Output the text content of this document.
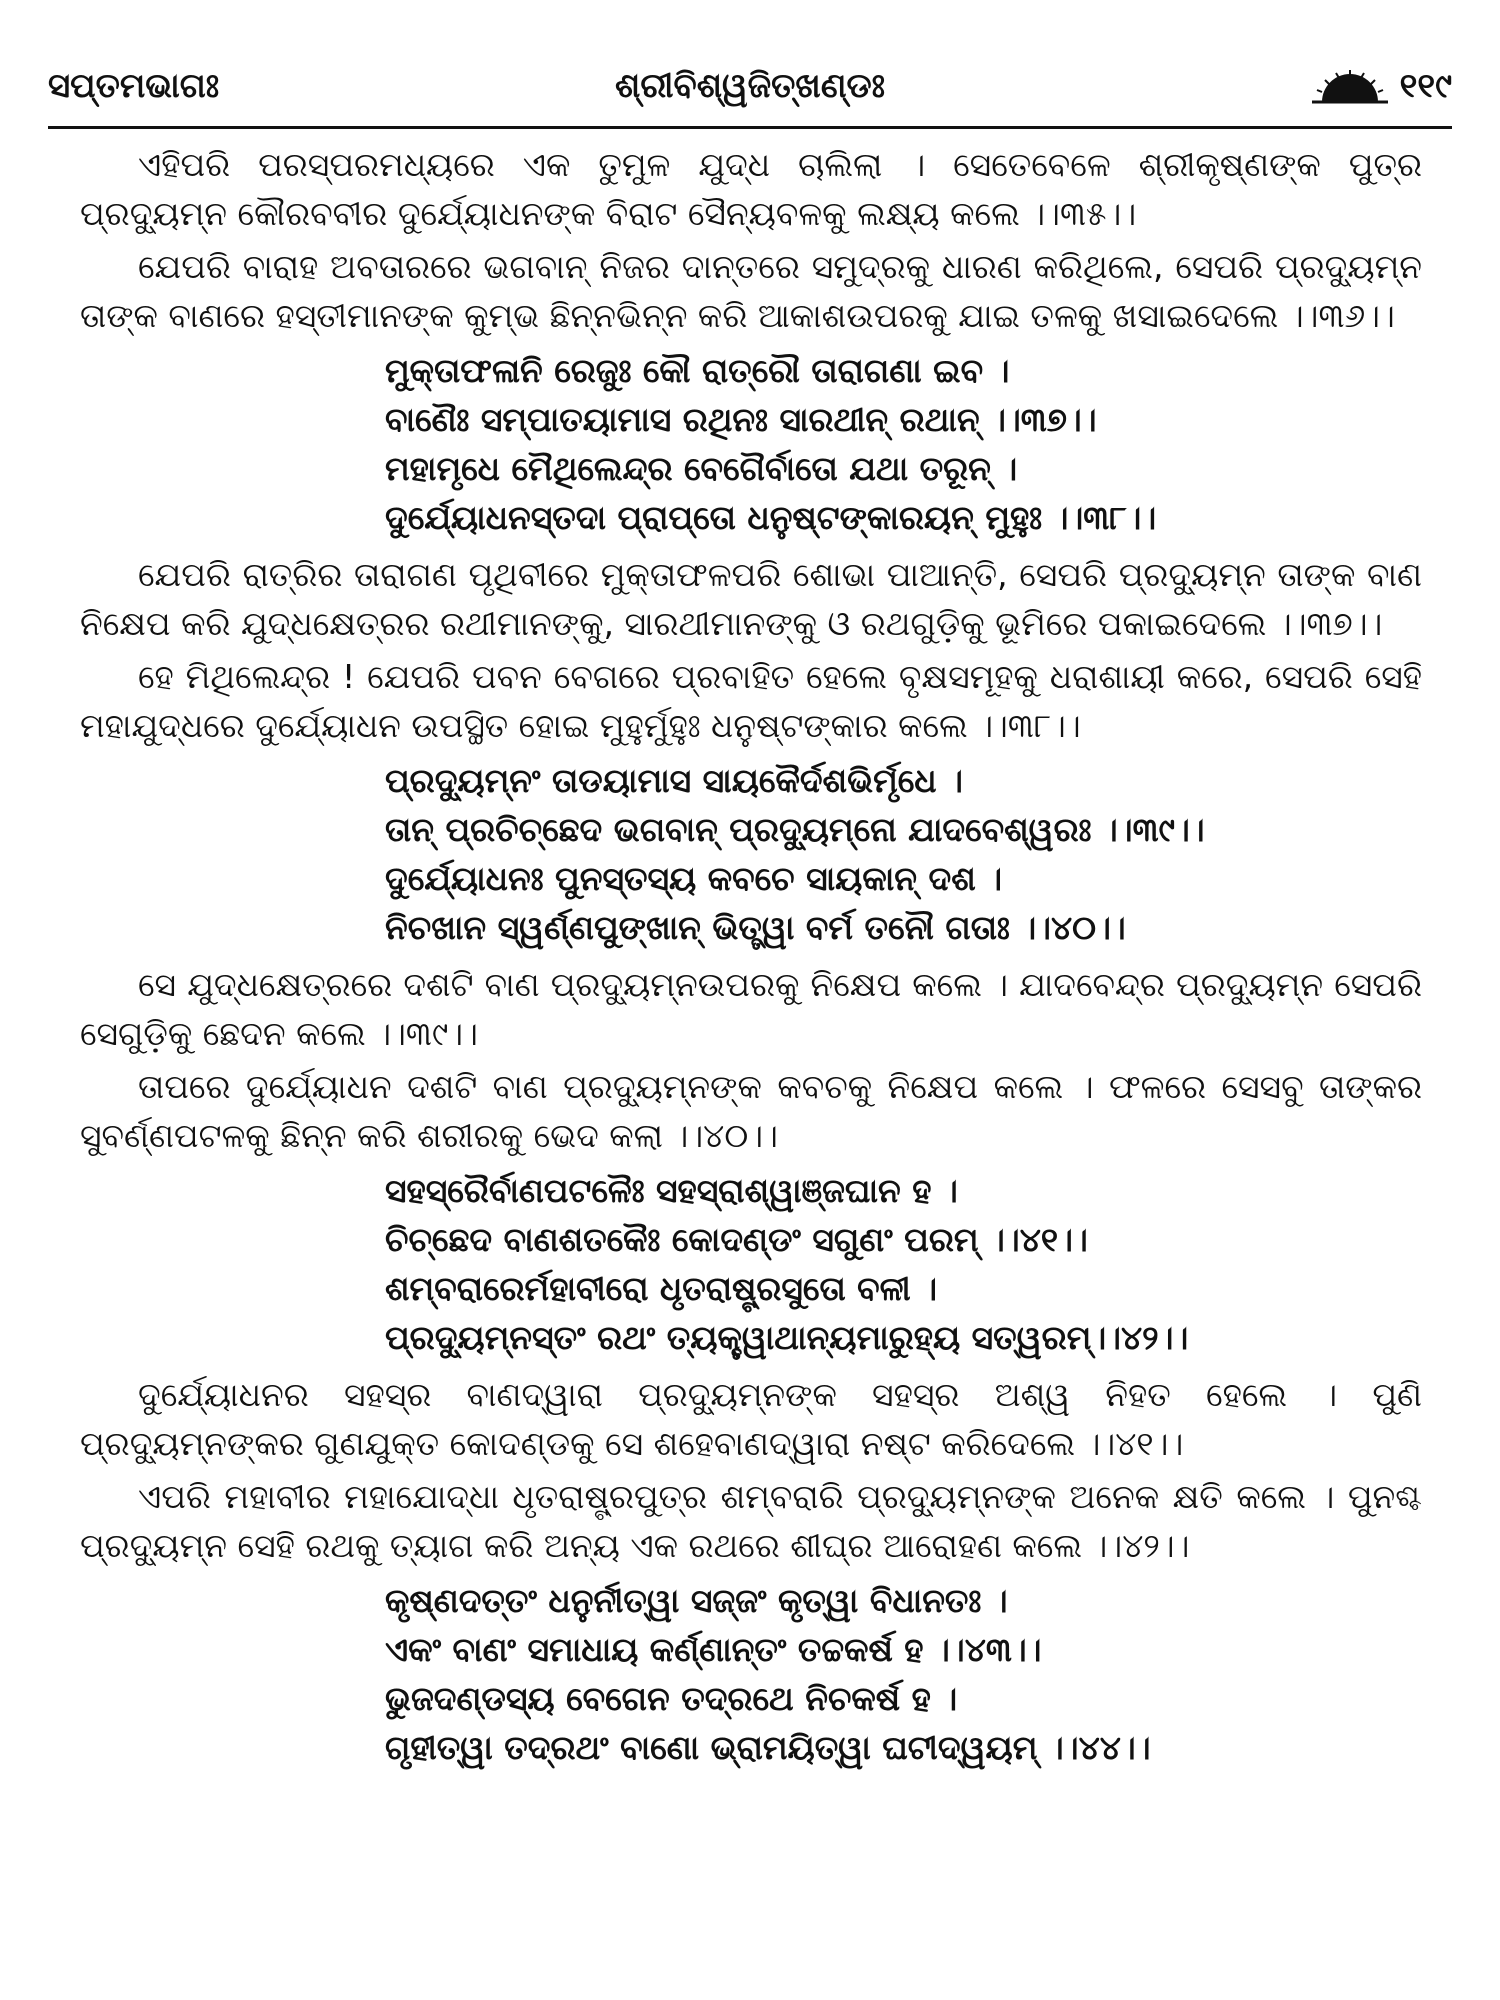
ସପ୍ତମଭାଗଃ	ଶ୍ରୀବିଶ୍ୱଜିତ୍ଖଣ୍ଡଃ	୧୧୯

ଏହିପରି ପରସ୍ପରମଧ୍ୟରେ ଏକ ତୁମୁଳ ଯୁଦ୍ଧ ଚାଲିଲା । ସେତେବେଳେ ଶ୍ରୀକୃଷ୍ଣଙ୍କ ପୁତ୍ର ପ୍ରଦ୍ୟୁମ୍ନ କୌରବବୀର ଦୁର୍ଯ୍ୟୋଧନଙ୍କ ବିରାଟ ସୈନ୍ୟବଳକୁ ଲକ୍ଷ୍ୟ କଲେ ।।୩୫।।

ଯେପରି ବାରାହ ଅବତାରରେ ଭଗବାନ୍ ନିଜର ଦାନ୍ତରେ ସମୁଦ୍ରକୁ ଧାରଣ କରିଥିଲେ, ସେପରି ପ୍ରଦ୍ୟୁମ୍ନ ତାଙ୍କ ବାଣରେ ହସ୍ତୀମାନଙ୍କ କୁମ୍ଭ ଛିନ୍ନଭିନ୍ନ କରି ଆକାଶଉପରକୁ ଯାଇ ତଳକୁ ଖସାଇଦେଲେ ।।୩୬।।

ମୁକ୍ତାଫଳାନି ରେଜୁଃ କୌ ରାତ୍ରୌ ତାରାଗଣା ଇବ ।
ବାଣୈଃ ସମ୍ପାତୟାମାସ ରଥିନଃ ସାରଥୀନ୍ ରଥାନ୍ ।।୩୭।।
ମହାମୃଧେ ମୈଥିଲେନ୍ଦ୍ର ବେଗୈର୍ବାତୋ ଯଥା ତରୂନ୍ ।
ଦୁର୍ଯ୍ୟୋଧନସ୍ତଦା ପ୍ରାପ୍ତୋ ଧନୁଷ୍ଟଙ୍କାରୟନ୍ ମୁହୁଃ ।।୩୮।।

ଯେପରି ରାତ୍ରିର ତାରାଗଣ ପୃଥିବୀରେ ମୁକ୍ତାଫଳପରି ଶୋଭା ପାଆନ୍ତି, ସେପରି ପ୍ରଦ୍ୟୁମ୍ନ ତାଙ୍କ ବାଣ ନିକ୍ଷେପ କରି ଯୁଦ୍ଧକ୍ଷେତ୍ରର ରଥୀମାନଙ୍କୁ, ସାରଥୀମାନଙ୍କୁ ଓ ରଥଗୁଡ଼ିକୁ ଭୂମିରେ ପକାଇଦେଲେ ।।୩୭।।

ହେ ମିଥିଲେନ୍ଦ୍ର ! ଯେପରି ପବନ ବେଗରେ ପ୍ରବାହିତ ହେଲେ ବୃକ୍ଷସମୂହକୁ ଧରାଶାୟୀ କରେ, ସେପରି ସେହି ମହାଯୁଦ୍ଧରେ ଦୁର୍ଯ୍ୟୋଧନ ଉପସ୍ଥିତ ହୋଇ ମୁହୁର୍ମୁହୁଃ ଧନୁଷ୍ଟଙ୍କାର କଲେ ।।୩୮।।

ପ୍ରଦ୍ୟୁମ୍ନଂ ତାଡୟାମାସ ସାୟକୈର୍ଦଶଭିର୍ମୃଧେ ।
ତାନ୍ ପ୍ରଚିଚ୍ଛେଦ ଭଗବାନ୍ ପ୍ରଦ୍ୟୁମ୍ନୋ ଯାଦବେଶ୍ୱରଃ ।।୩୯।।
ଦୁର୍ଯ୍ୟୋଧନଃ ପୁନସ୍ତସ୍ୟ କବଚେ ସାୟକାନ୍ ଦଶ ।
ନିଚଖାନ ସ୍ୱର୍ଣ୍ଣପୁଙ୍ଖାନ୍ ଭିତ୍ତ୍ୱା ବର୍ମ ତନୌ ଗତାଃ ।।୪୦।।

ସେ ଯୁଦ୍ଧକ୍ଷେତ୍ରରେ ଦଶଟି ବାଣ ପ୍ରଦ୍ୟୁମ୍ନଉପରକୁ ନିକ୍ଷେପ କଲେ । ଯାଦବେନ୍ଦ୍ର ପ୍ରଦ୍ୟୁମ୍ନ ସେପରି ସେଗୁଡ଼ିକୁ ଛେଦନ କଲେ ।।୩୯।।

ତାପରେ ଦୁର୍ଯ୍ୟୋଧନ ଦଶଟି ବାଣ ପ୍ରଦ୍ୟୁମ୍ନଙ୍କ କବଚକୁ ନିକ୍ଷେପ କଲେ । ଫଳରେ ସେସବୁ ତାଙ୍କର ସୁବର୍ଣ୍ଣପଟଳକୁ ଛିନ୍ନ କରି ଶରୀରକୁ ଭେଦ କଲା ।।୪୦।।

ସହସ୍ରୈର୍ବାଣପଟଳୈଃ ସହସ୍ରାଶ୍ୱାଞ୍ଜଘାନ ହ ।
ଚିଚ୍ଛେଦ ବାଣଶତକୈଃ କୋଦଣ୍ଡଂ ସଗୁଣଂ ପରମ୍ ।।୪୧।।
ଶମ୍ବରାରେର୍ମହାବୀରୋ ଧୃତରାଷ୍ଟ୍ରସୁତୋ ବଳୀ ।
ପ୍ରଦ୍ୟୁମ୍ନସ୍ତଂ ରଥଂ ତ୍ୟକ୍ତ୍ୱାଥାନ୍ୟମାରୁହ୍ୟ ସତ୍ୱରମ୍।।୪୨।।

ଦୁର୍ଯ୍ୟୋଧନର ସହସ୍ର ବାଣଦ୍ୱାରା ପ୍ରଦ୍ୟୁମ୍ନଙ୍କ ସହସ୍ର ଅଶ୍ୱ ନିହତ ହେଲେ । ପୁଣି ପ୍ରଦ୍ୟୁମ୍ନଙ୍କର ଗୁଣଯୁକ୍ତ କୋଦଣ୍ଡକୁ ସେ ଶହେବାଣଦ୍ୱାରା ନଷ୍ଟ କରିଦେଲେ ।।୪୧।।

ଏପରି ମହାବୀର ମହାଯୋଦ୍ଧା ଧୃତରାଷ୍ଟ୍ରପୁତ୍ର ଶମ୍ବରାରି ପ୍ରଦ୍ୟୁମ୍ନଙ୍କ ଅନେକ କ୍ଷତି କଲେ । ପୁନଶ୍ଚ ପ୍ରଦ୍ୟୁମ୍ନ ସେହି ରଥକୁ ତ୍ୟାଗ କରି ଅନ୍ୟ ଏକ ରଥରେ ଶୀଘ୍ର ଆରୋହଣ କଲେ ।।୪୨।।

କୃଷ୍ଣଦତ୍ତଂ ଧନୁର୍ନୀତ୍ୱା ସଜ୍ଜଂ କୃତ୍ୱା ବିଧାନତଃ ।
ଏକଂ ବାଣଂ ସମାଧାୟ କର୍ଣ୍ଣାନ୍ତଂ ତଚ୍ଚକର୍ଷ ହ ।।୪୩।।
ଭୁଜଦଣ୍ଡସ୍ୟ ବେଗେନ ତଦ୍ରଥେ ନିଚକର୍ଷ ହ ।
ଗୃହୀତ୍ୱା ତଦ୍ରଥଂ ବାଣୋ ଭ୍ରାମୟିତ୍ୱା ଘଟୀଦ୍ୱୟମ୍ ।।୪୪।।
